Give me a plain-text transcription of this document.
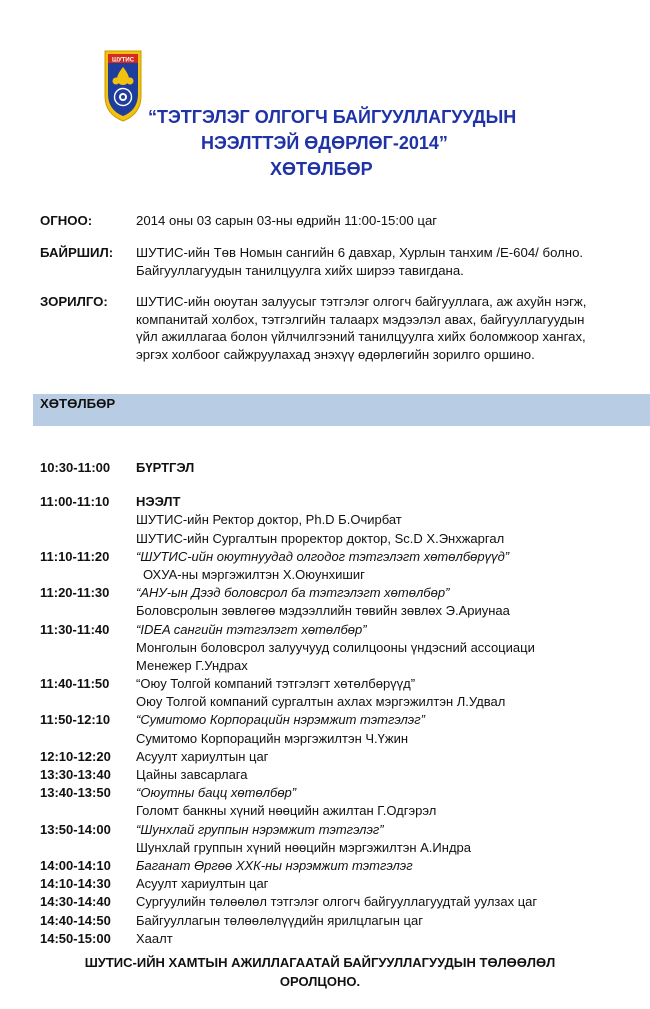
ШУТИС
“ТЭТГЭЛЭГ ОЛГОГЧ БАЙГУУЛЛАГУУДЫН
НЭЭЛТТЭЙ ӨДӨРЛӨГ-2014”
ХӨТӨЛБӨР
ОГНОО:	2014 оны 03 сарын 03-ны өдрийн 11:00-15:00 цаг
БАЙРШИЛ: ШУТИС-ийн Төв Номын сангийн 6 давхар, Хурлын танхим /Е-604/ болно. Байгууллагуудын танилцуулга хийх ширээ тавигдана.
ЗОРИЛГО: ШУТИС-ийн оюутан залуусыг тэтгэлэг олгогч байгууллага, аж ахуйн нэгж, компанитай холбох, тэтгэлгийн талаарх мэдээлэл авах, байгууллагуудын үйл ажиллагаа болон үйлчилгээний танилцуулга хийх боломжоор хангах, эргэх холбоог сайжруулахад энэхүү өдөрлөгийн зорилго оршино.
ХӨТӨЛБӨР
10:30-11:00 БҮРТГЭЛ
11:00-11:10 НЭЭЛТ
ШУТИС-ийн Ректор доктор, Ph.D Б.Очирбат
ШУТИС-ийн Сургалтын проректор доктор, Sc.D Х.Энхжаргал
11:10-11:20 “ШУТИС-ийн оюутнуудад олгодог тэтгэлэгт хөтөлбөрүүд”
ОХУА-ны мэргэжилтэн Х.Оюунхишиг
11:20-11:30 “АНУ-ын Дээд боловсрол ба тэтгэлэгт хөтөлбөр”
Боловсролын зөвлөгөө мэдээллийн төвийн зөвлөх Э.Ариунаа
11:30-11:40 “IDEA сангийн тэтгэлэгт хөтөлбөр”
Монголын боловсрол залуучууд солилцооны үндэсний ассоциаци
Менежер Г.Ундрах
11:40-11:50 “Оюу Толгой компаний тэтгэлэгт хөтөлбөрүүд”
Оюу Толгой компаний сургалтын ахлах мэргэжилтэн Л.Удвал
11:50-12:10 “Сумитомо Корпорацийн нэрэмжит тэтгэлэг”
Сумитомо Корпорацийн мэргэжилтэн Ч.Үжин
12:10-12:20 Асуулт хариултын цаг
13:30-13:40 Цайны завсарлага
13:40-13:50 “Оюутны бацц хөтөлбөр”
Голомт банкны хүний нөөцийн ажилтан Г.Одгэрэл
13:50-14:00 “Шунхлай группын нэрэмжит тэтгэлэг”
Шунхлай группын хүний нөөцийн мэргэжилтэн А.Индра
14:00-14:10 Баганат Өргөө ХХК-ны нэрэмжит тэтгэлэг
14:10-14:30 Асуулт хариултын цаг
14:30-14:40 Сургуулийн төлөөлөл тэтгэлэг олгогч байгууллагуудтай уулзах цаг
14:40-14:50 Байгууллагын төлөөлөлүүдийн ярилцлагын цаг
14:50-15:00 Хаалт
ШУТИС-ИЙН ХАМТЫН АЖИЛЛАГААТАЙ БАЙГУУЛЛАГУУДЫН ТӨЛӨӨЛӨЛ
ОРОЛЦОНО.
